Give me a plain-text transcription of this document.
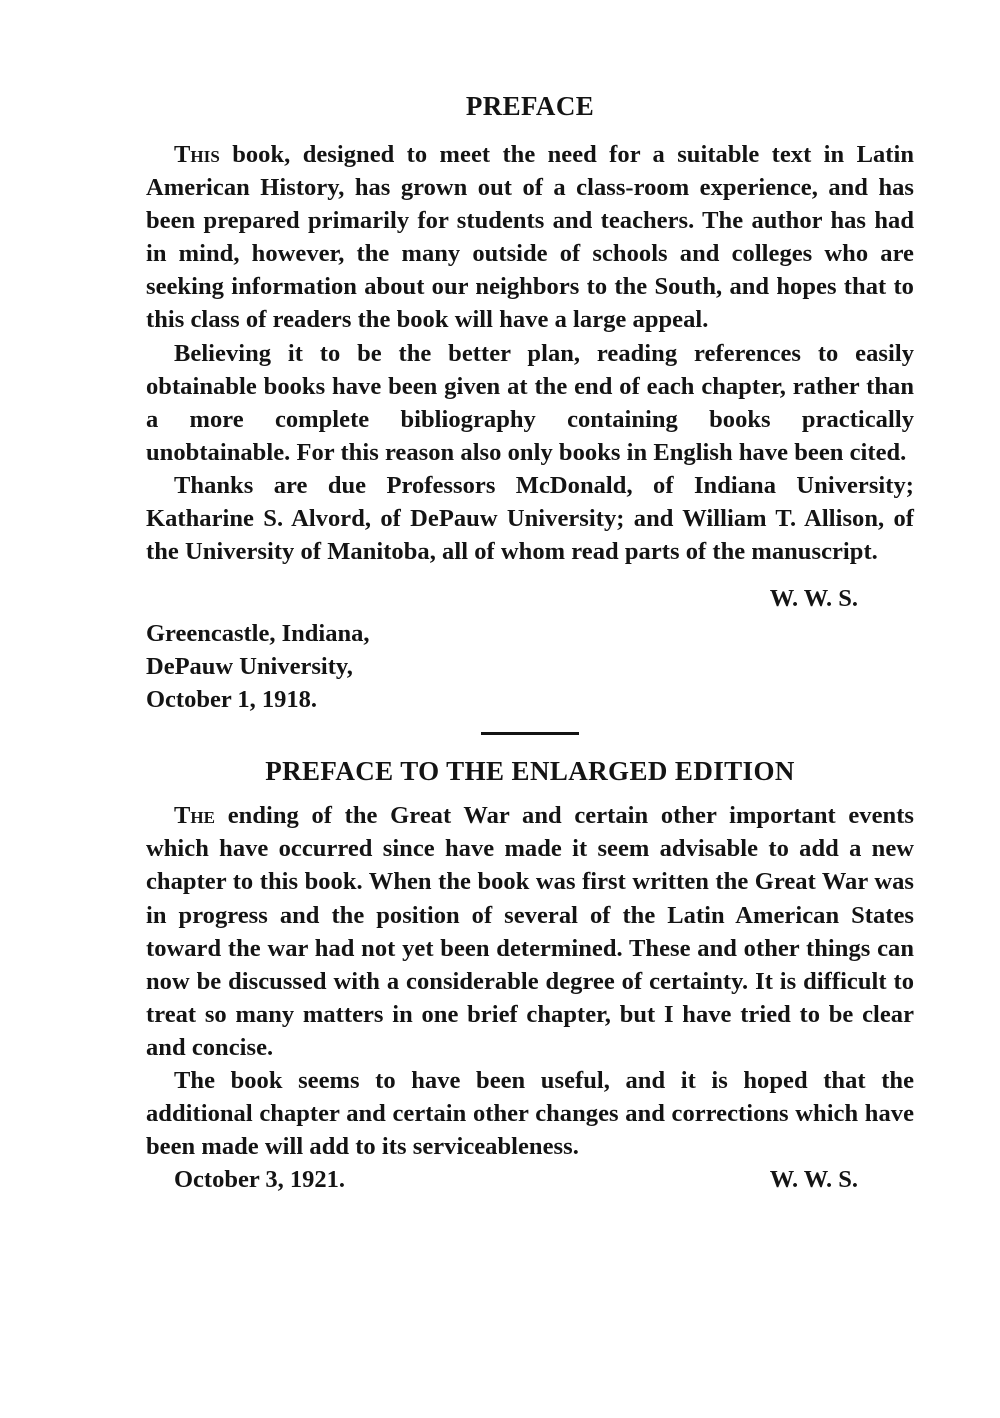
PREFACE

This book, designed to meet the need for a suitable text in Latin American History, has grown out of a class-room experience, and has been prepared primarily for students and teachers. The author has had in mind, however, the many outside of schools and colleges who are seeking information about our neighbors to the South, and hopes that to this class of readers the book will have a large appeal.

Believing it to be the better plan, reading references to easily obtainable books have been given at the end of each chapter, rather than a more complete bibliography containing books practically unobtainable. For this reason also only books in English have been cited.

Thanks are due Professors McDonald, of Indiana University; Katharine S. Alvord, of DePauw University; and William T. Allison, of the University of Manitoba, all of whom read parts of the manuscript.

W. W. S.
Greencastle, Indiana,
DePauw University,
October 1, 1918.
PREFACE TO THE ENLARGED EDITION

The ending of the Great War and certain other important events which have occurred since have made it seem advisable to add a new chapter to this book. When the book was first written the Great War was in progress and the position of several of the Latin American States toward the war had not yet been determined. These and other things can now be discussed with a considerable degree of certainty. It is difficult to treat so many matters in one brief chapter, but I have tried to be clear and concise.

The book seems to have been useful, and it is hoped that the additional chapter and certain other changes and corrections which have been made will add to its serviceableness.

October 3, 1921.	W. W. S.
